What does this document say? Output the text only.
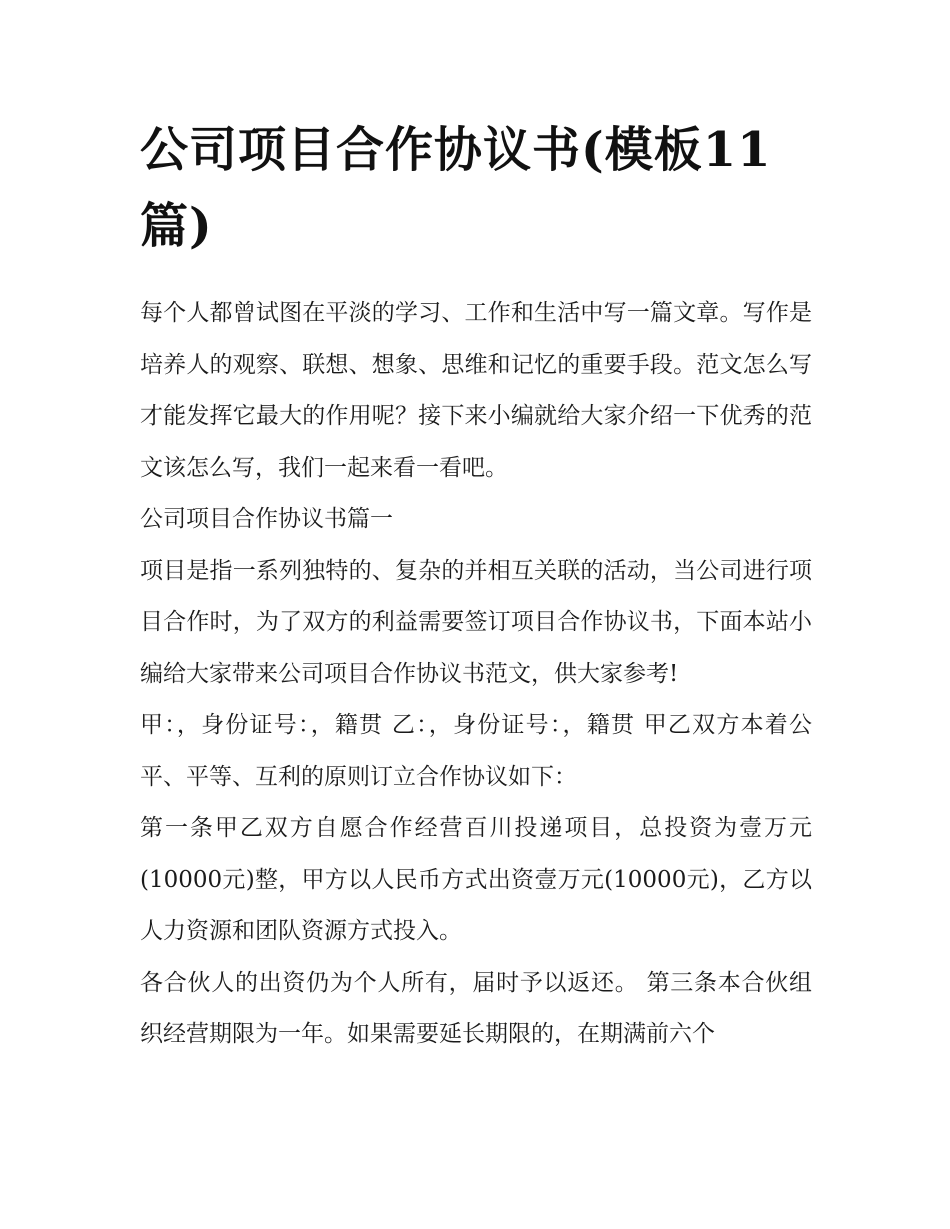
公司项目合作协议书(模板11篇)

每个人都曾试图在平淡的学习、工作和生活中写一篇文章。写作是培养人的观察、联想、想象、思维和记忆的重要手段。范文怎么写才能发挥它最大的作用呢？接下来小编就给大家介绍一下优秀的范文该怎么写，我们一起来看一看吧。

公司项目合作协议书篇一

项目是指一系列独特的、复杂的并相互关联的活动，当公司进行项目合作时，为了双方的利益需要签订项目合作协议书，下面本站小编给大家带来公司项目合作协议书范文，供大家参考!

甲：，身份证号：，籍贯 乙：，身份证号：，籍贯 甲乙双方本着公平、平等、互利的原则订立合作协议如下：

第一条甲乙双方自愿合作经营百川投递项目，总投资为壹万元(10000元)整，甲方以人民币方式出资壹万元(10000元)，乙方以人力资源和团队资源方式投入。

各合伙人的出资仍为个人所有，届时予以返还。 第三条本合伙组织经营期限为一年。如果需要延长期限的，在期满前六个
